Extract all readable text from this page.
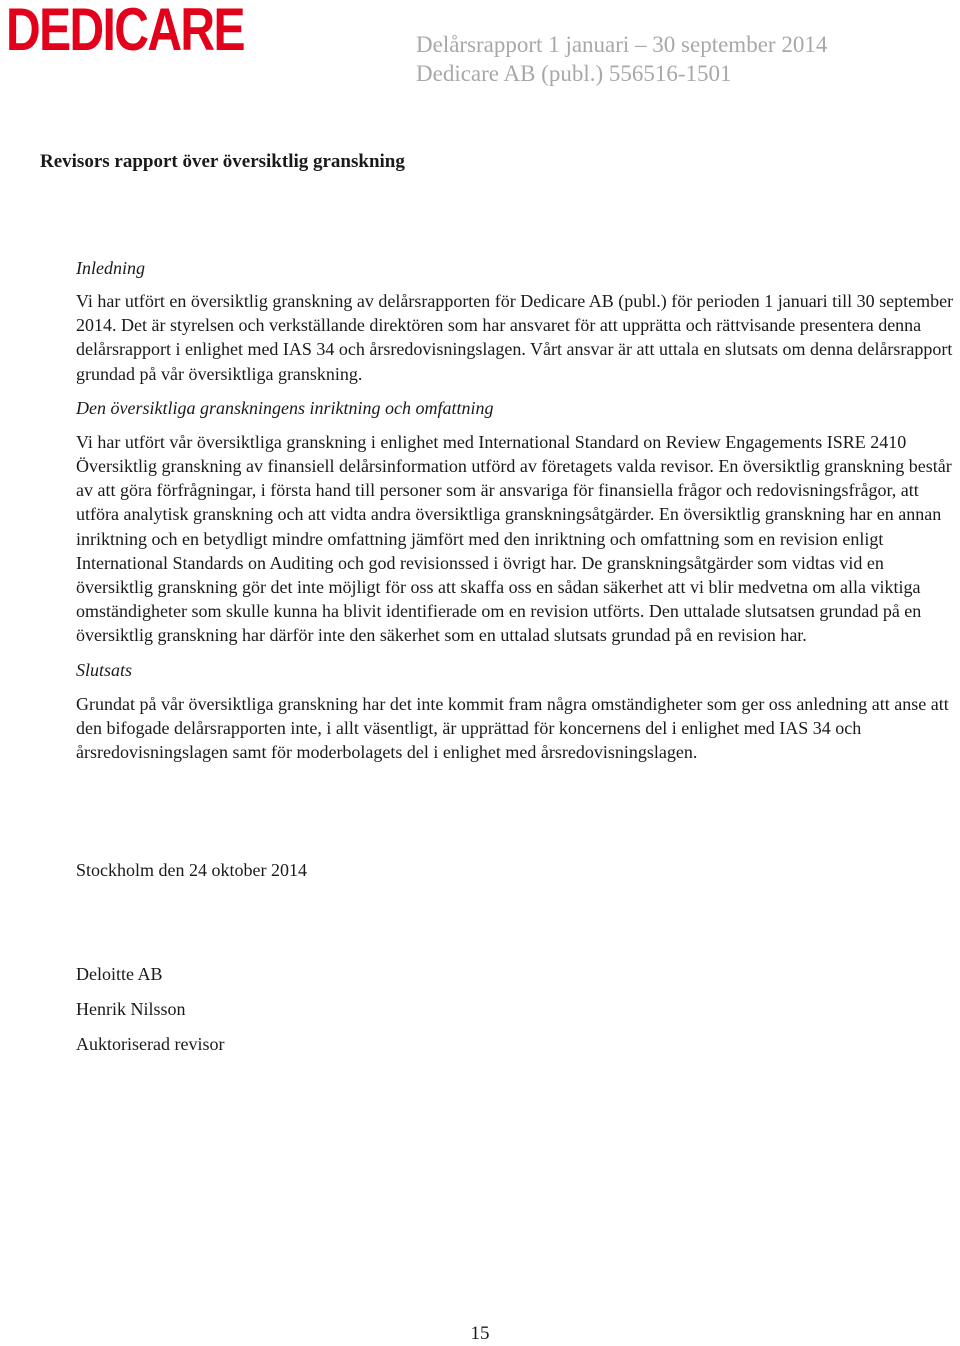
DEDICARE	Delårsrapport 1 januari – 30 september 2014
Dedicare AB (publ.) 556516-1501
Revisors rapport över översiktlig granskning
Inledning

Vi har utfört en översiktlig granskning av delårsrapporten för Dedicare AB (publ.) för perioden 1 januari till 30 september 2014. Det är styrelsen och verkställande direktören som har ansvaret för att upprätta och rättvisande presentera denna delårsrapport i enlighet med IAS 34 och årsredovisningslagen. Vårt ansvar är att uttala en slutsats om denna delårsrapport grundad på vår översiktliga granskning.

Den översiktliga granskningens inriktning och omfattning

Vi har utfört vår översiktliga granskning i enlighet med International Standard on Review Engagements ISRE 2410 Översiktlig granskning av finansiell delårsinformation utförd av företagets valda revisor. En översiktlig granskning består av att göra förfrågningar, i första hand till personer som är ansvariga för finansiella frågor och redovisningsfrågor, att utföra analytisk granskning och att vidta andra översiktliga granskningsåtgärder. En översiktlig granskning har en annan inriktning och en betydligt mindre omfattning jämfört med den inriktning och omfattning som en revision enligt International Standards on Auditing och god revisionssed i övrigt har. De granskningsåtgärder som vidtas vid en översiktlig granskning gör det inte möjligt för oss att skaffa oss en sådan säkerhet att vi blir medvetna om alla viktiga omständigheter som skulle kunna ha blivit identifierade om en revision utförts. Den uttalade slutsatsen grundad på en översiktlig granskning har därför inte den säkerhet som en uttalad slutsats grundad på en revision har.

Slutsats

Grundat på vår översiktliga granskning har det inte kommit fram några omständigheter som ger oss anledning att anse att den bifogade delårsrapporten inte, i allt väsentligt, är upprättad för koncernens del i enlighet med IAS 34 och årsredovisningslagen samt för moderbolagets del i enlighet med årsredovisningslagen.

Stockholm den 24 oktober 2014
Deloitte AB
Henrik Nilsson
Auktoriserad revisor
15
